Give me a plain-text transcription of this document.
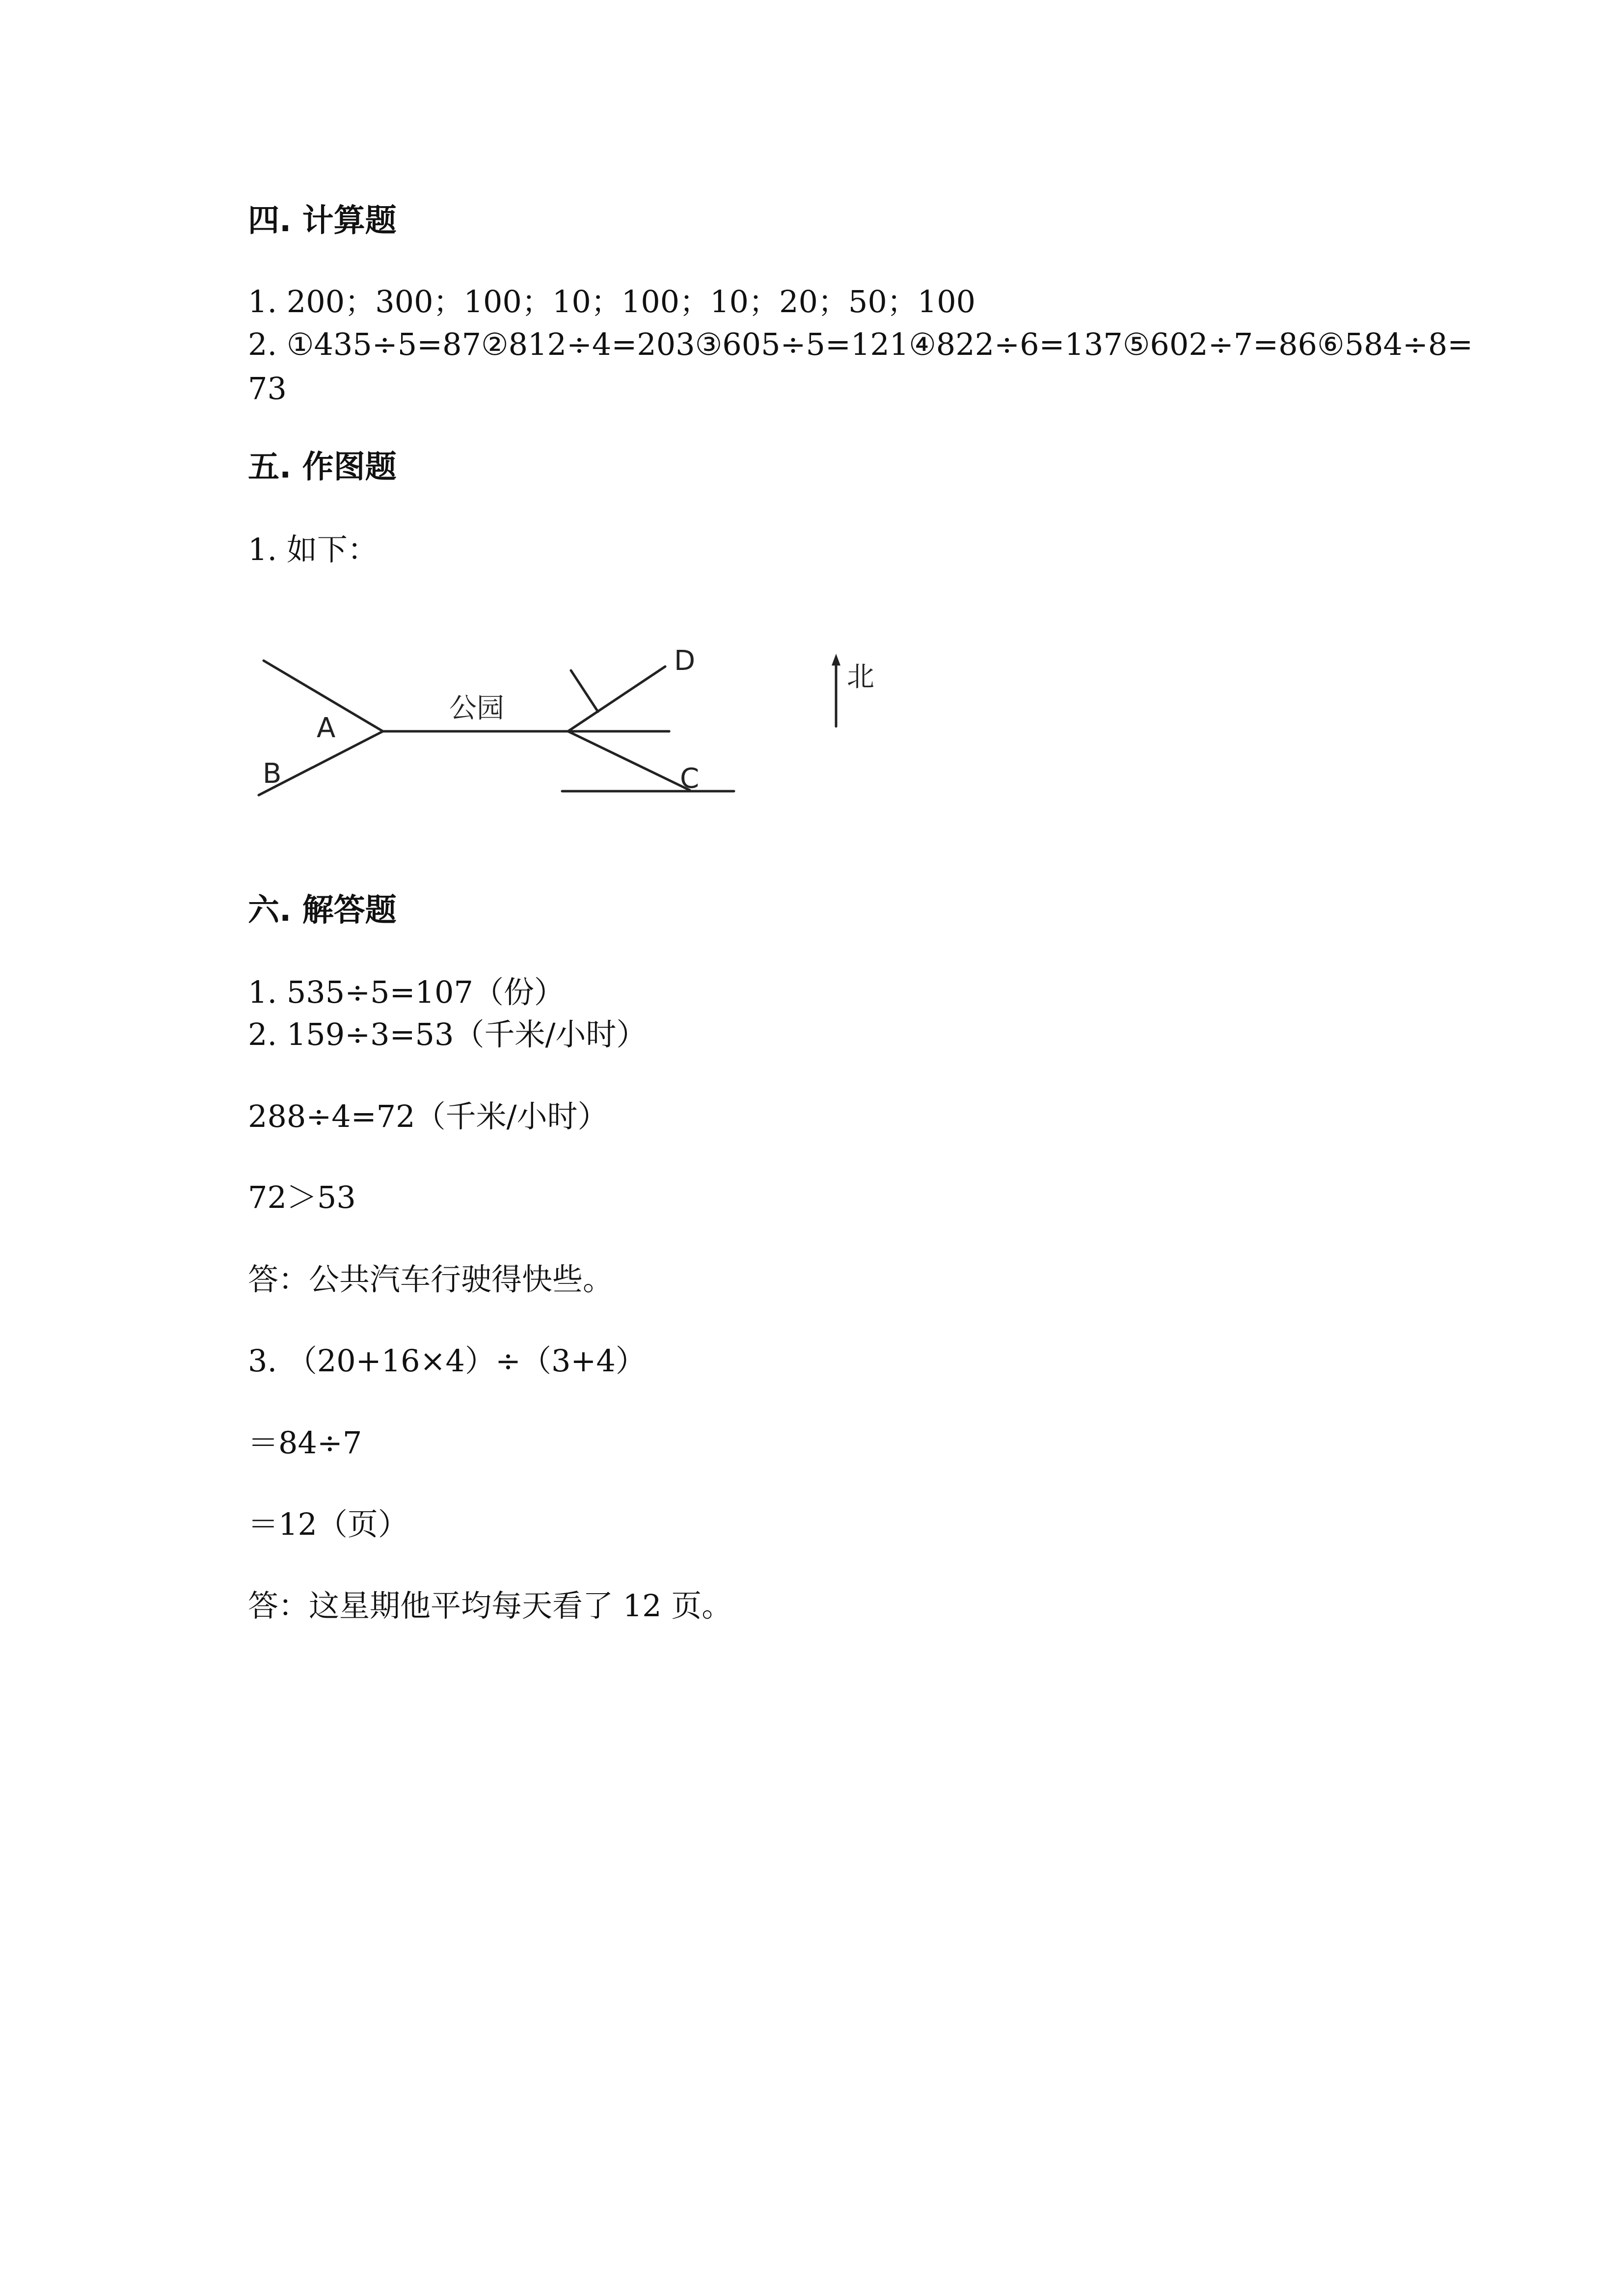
四. 计算题
1. 200；300；100；10；100；10；20；50；100
2. ①435÷5=87②812÷4=203③605÷5=121④822÷6=137⑤602÷7=86⑥584÷8=
73
五. 作图题
1. 如下：
公园
A
B	C
D
北
六. 解答题
1. 535÷5=107（份）
2. 159÷3=53（千米/小时）
288÷4=72（千米/小时）
72＞53
答：公共汽车行驶得快些。
3. （20+16×4）÷（3+4）
＝84÷7
＝12（页）
答：这星期他平均每天看了 12 页。
